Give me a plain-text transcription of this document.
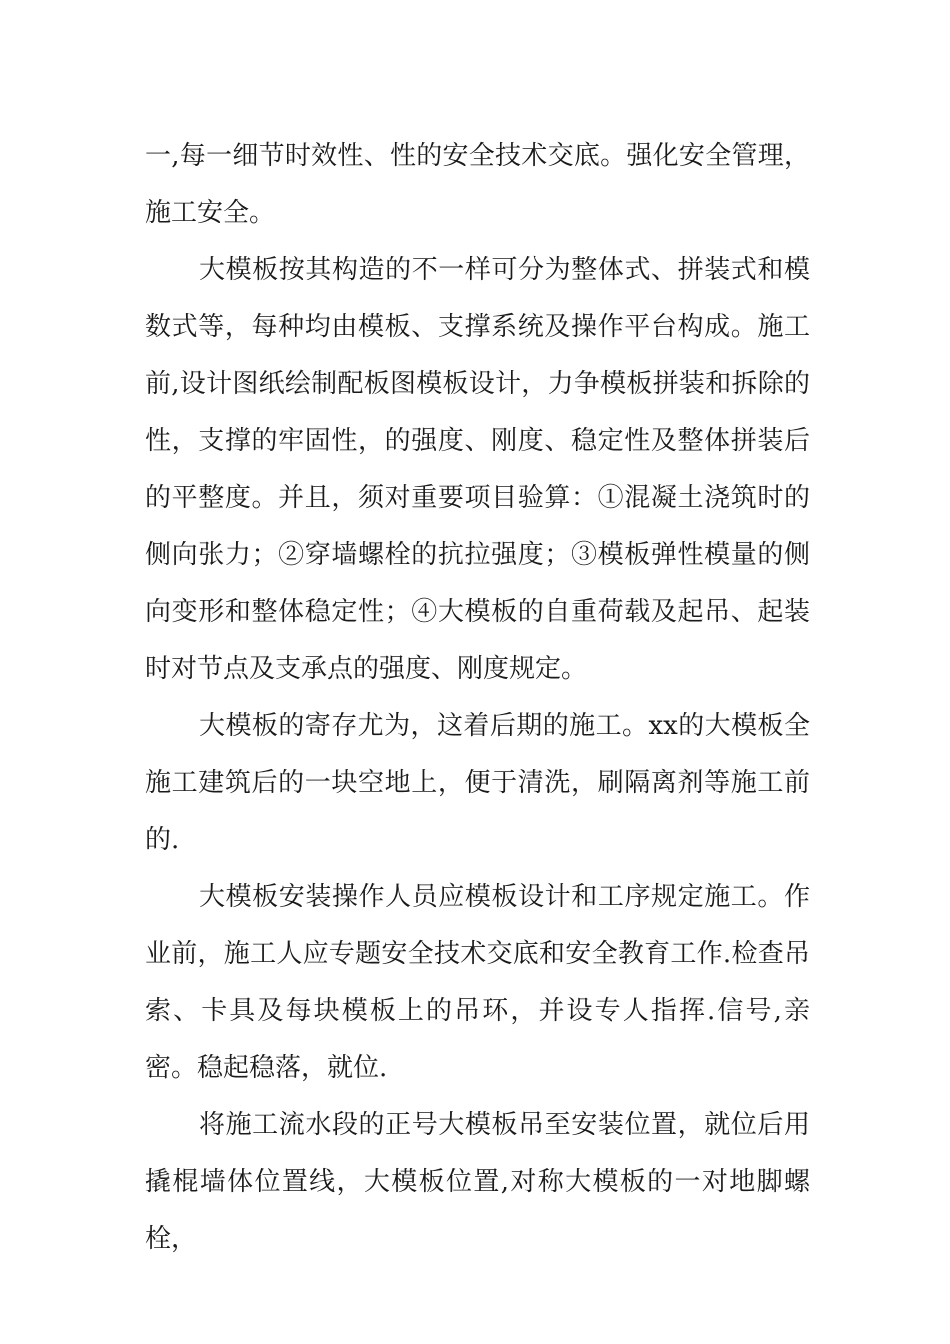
一,每一细节时效性、性的安全技术交底。强化安全管理，施工安全。

大模板按其构造的不一样可分为整体式、拼装式和模数式等，每种均由模板、支撑系统及操作平台构成。施工前,设计图纸绘制配板图模板设计，力争模板拼装和拆除的性，支撑的牢固性，的强度、刚度、稳定性及整体拼装后的平整度。并且，须对重要项目验算：①混凝土浇筑时的侧向张力；②穿墙螺栓的抗拉强度；③模板弹性模量的侧向变形和整体稳定性；④大模板的自重荷载及起吊、起装时对节点及支承点的强度、刚度规定。

大模板的寄存尤为，这着后期的施工。xx的大模板全施工建筑后的一块空地上，便于清洗，刷隔离剂等施工前的.

大模板安装操作人员应模板设计和工序规定施工。作业前，施工人应专题安全技术交底和安全教育工作.检查吊索、卡具及每块模板上的吊环，并设专人指挥.信号,亲密。稳起稳落，就位.

将施工流水段的正号大模板吊至安装位置，就位后用撬棍墙体位置线，大模板位置,对称大模板的一对地脚螺栓，
